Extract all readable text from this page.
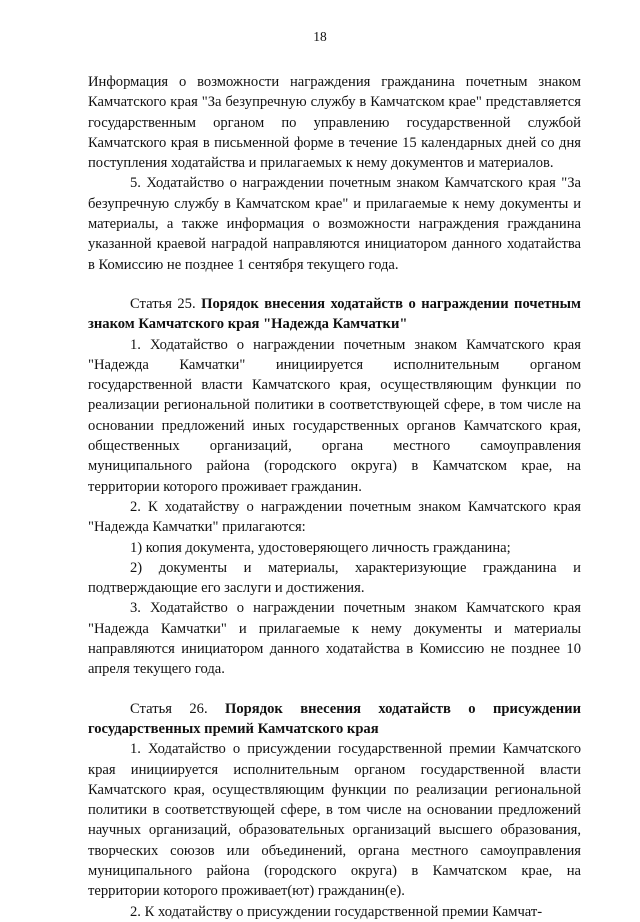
18

Информация о возможности награждения гражданина почетным знаком Камчатского края "За безупречную службу в Камчатском крае" представляется государственным органом по управлению государственной службой Камчатского края в письменной форме в течение 15 календарных дней со дня поступления ходатайства и прилагаемых к нему документов и материалов.

5. Ходатайство о награждении почетным знаком Камчатского края "За безупречную службу в Камчатском крае" и прилагаемые к нему документы и материалы, а также информация о возможности награждения гражданина указанной краевой наградой направляются инициатором данного ходатайства в Комиссию не позднее 1 сентября текущего года.

Статья 25. Порядок внесения ходатайств о награждении почетным знаком Камчатского края "Надежда Камчатки"

1. Ходатайство о награждении почетным знаком Камчатского края "Надежда Камчатки" инициируется исполнительным органом государственной власти Камчатского края, осуществляющим функции по реализации региональной политики в соответствующей сфере, в том числе на основании предложений иных государственных органов Камчатского края, общественных организаций, органа местного самоуправления муниципального района (городского округа) в Камчатском крае, на территории которого проживает гражданин.

2. К ходатайству о награждении почетным знаком Камчатского края "Надежда Камчатки" прилагаются:

1) копия документа, удостоверяющего личность гражданина;

2) документы и материалы, характеризующие гражданина и подтверждающие его заслуги и достижения.

3. Ходатайство о награждении почетным знаком Камчатского края "Надежда Камчатки" и прилагаемые к нему документы и материалы направляются инициатором данного ходатайства в Комиссию не позднее 10 апреля текущего года.

Статья 26. Порядок внесения ходатайств о присуждении государственных премий Камчатского края

1. Ходатайство о присуждении государственной премии Камчатского края инициируется исполнительным органом государственной власти Камчатского края, осуществляющим функции по реализации региональной политики в соответствующей сфере, в том числе на основании предложений научных организаций, образовательных организаций высшего образования, творческих союзов или объединений, органа местного самоуправления муниципального района (городского округа) в Камчатском крае, на территории которого проживает(ют) гражданин(е).

2. К ходатайству о присуждении государственной премии Камчат-
